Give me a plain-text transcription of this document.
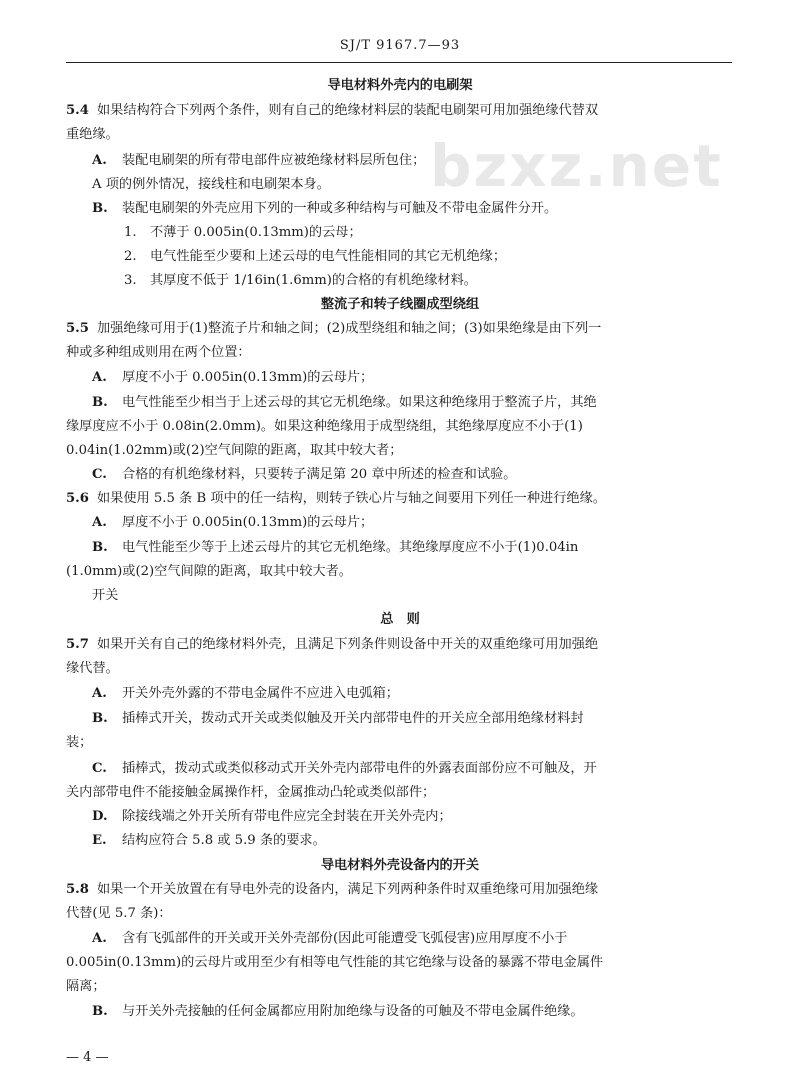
SJ/T 9167.7—93
bzxz.net
导电材料外壳内的电刷架
5.4 如果结构符合下列两个条件，则有自己的绝缘材料层的装配电刷架可用加强绝缘代替双
重绝缘。
A. 装配电刷架的所有带电部件应被绝缘材料层所包住；
A 项的例外情况，接线柱和电刷架本身。
B. 装配电刷架的外壳应用下列的一种或多种结构与可触及不带电金属件分开。
1. 不薄于 0.005in(0.13mm)的云母；
2. 电气性能至少要和上述云母的电气性能相同的其它无机绝缘；
3. 其厚度不低于 1/16in(1.6mm)的合格的有机绝缘材料。
整流子和转子线圈成型绕组
5.5 加强绝缘可用于(1)整流子片和轴之间；(2)成型绕组和轴之间；(3)如果绝缘是由下列一
种或多种组成则用在两个位置：
A. 厚度不小于 0.005in(0.13mm)的云母片；
B. 电气性能至少相当于上述云母的其它无机绝缘。如果这种绝缘用于整流子片，其绝
缘厚度应不小于 0.08in(2.0mm)。如果这种绝缘用于成型绕组，其绝缘厚度应不小于(1)
0.04in(1.02mm)或(2)空气间隙的距离，取其中较大者；
C. 合格的有机绝缘材料，只要转子满足第 20 章中所述的检查和试验。
5.6 如果使用 5.5 条 B 项中的任一结构，则转子铁心片与轴之间要用下列任一种进行绝缘。
A. 厚度不小于 0.005in(0.13mm)的云母片；
B. 电气性能至少等于上述云母片的其它无机绝缘。其绝缘厚度应不小于(1)0.04in
(1.0mm)或(2)空气间隙的距离，取其中较大者。
开关
总　则
5.7 如果开关有自己的绝缘材料外壳，且满足下列条件则设备中开关的双重绝缘可用加强绝
缘代替。
A. 开关外壳外露的不带电金属件不应进入电弧箱；
B. 插棒式开关，拨动式开关或类似触及开关内部带电件的开关应全部用绝缘材料封
装；
C. 插棒式，拨动式或类似移动式开关外壳内部带电件的外露表面部份应不可触及，开
关内部带电件不能接触金属操作杆，金属推动凸轮或类似部件；
D. 除接线端之外开关所有带电件应完全封装在开关外壳内；
E. 结构应符合 5.8 或 5.9 条的要求。
导电材料外壳设备内的开关
5.8 如果一个开关放置在有导电外壳的设备内，满足下列两种条件时双重绝缘可用加强绝缘
代替(见 5.7 条)：
A. 含有飞弧部件的开关或开关外壳部份(因此可能遭受飞弧侵害)应用厚度不小于
0.005in(0.13mm)的云母片或用至少有相等电气性能的其它绝缘与设备的暴露不带电金属件
隔离；
B. 与开关外壳接触的任何金属都应用附加绝缘与设备的可触及不带电金属件绝缘。
— 4 —
